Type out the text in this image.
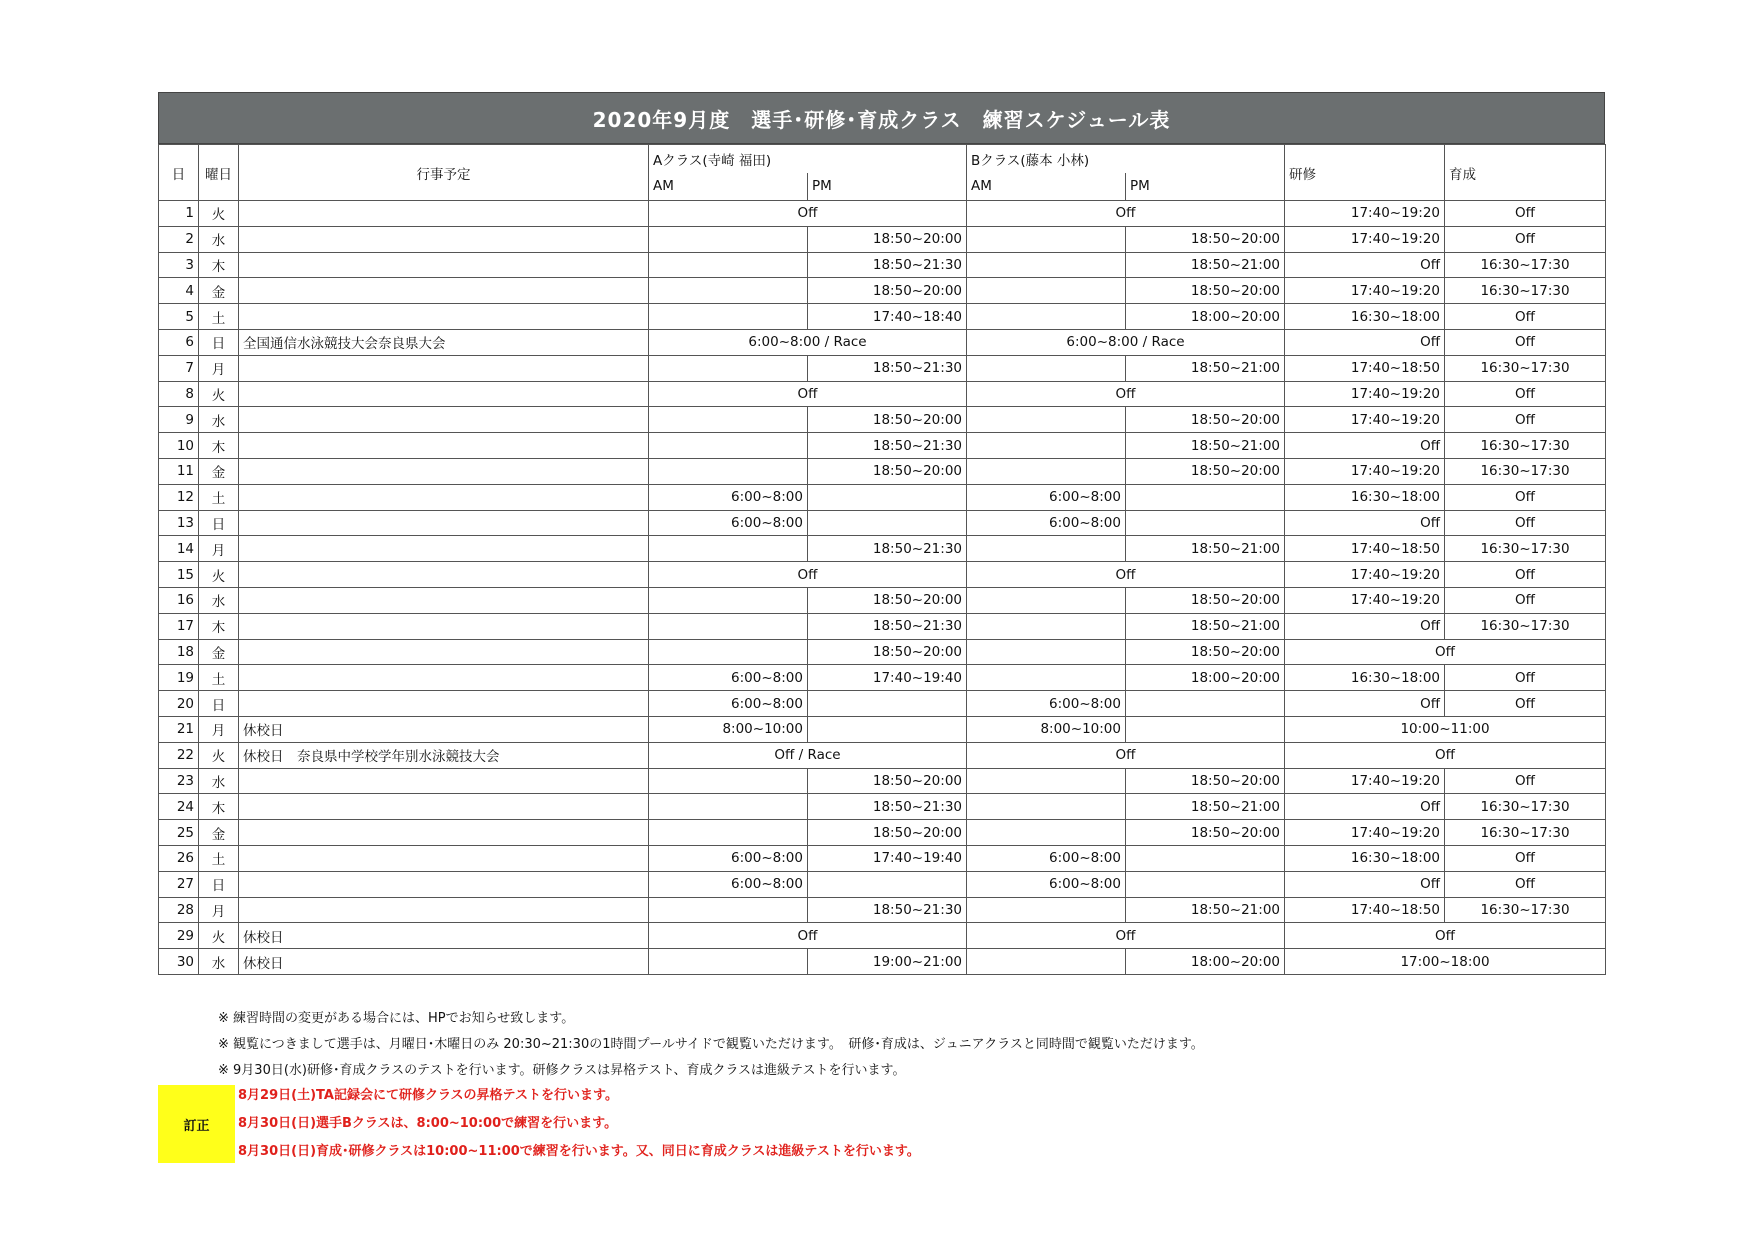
2020年9月度　選手･研修･育成クラス　練習スケジュール表
日	曜日	行事予定	Aクラス(寺崎 福田)		Bクラス(藤本 小林)		研修	育成
			AM	PM	AM	PM		
1	火		Off		Off		17:40~19:20	Off
2	水			18:50~20:00		18:50~20:00	17:40~19:20	Off
3	木			18:50~21:30		18:50~21:00	Off	16:30~17:30
4	金			18:50~20:00		18:50~20:00	17:40~19:20	16:30~17:30
5	土			17:40~18:40		18:00~20:00	16:30~18:00	Off
6	日	全国通信水泳競技大会奈良県大会	6:00~8:00 / Race		6:00~8:00 / Race		Off	Off
7	月			18:50~21:30		18:50~21:00	17:40~18:50	16:30~17:30
8	火		Off		Off		17:40~19:20	Off
9	水			18:50~20:00		18:50~20:00	17:40~19:20	Off
10	木			18:50~21:30		18:50~21:00	Off	16:30~17:30
11	金			18:50~20:00		18:50~20:00	17:40~19:20	16:30~17:30
12	土		6:00~8:00		6:00~8:00		16:30~18:00	Off
13	日		6:00~8:00		6:00~8:00		Off	Off
14	月			18:50~21:30		18:50~21:00	17:40~18:50	16:30~17:30
15	火		Off		Off		17:40~19:20	Off
16	水			18:50~20:00		18:50~20:00	17:40~19:20	Off
17	木			18:50~21:30		18:50~21:00	Off	16:30~17:30
18	金			18:50~20:00		18:50~20:00	Off	
19	土		6:00~8:00	17:40~19:40		18:00~20:00	16:30~18:00	Off
20	日		6:00~8:00		6:00~8:00		Off	Off
21	月	休校日	8:00~10:00		8:00~10:00		10:00~11:00	
22	火	休校日　奈良県中学校学年別水泳競技大会	Off / Race		Off		Off	
23	水			18:50~20:00		18:50~20:00	17:40~19:20	Off
24	木			18:50~21:30		18:50~21:00	Off	16:30~17:30
25	金			18:50~20:00		18:50~20:00	17:40~19:20	16:30~17:30
26	土		6:00~8:00	17:40~19:40	6:00~8:00		16:30~18:00	Off
27	日		6:00~8:00		6:00~8:00		Off	Off
28	月			18:50~21:30		18:50~21:00	17:40~18:50	16:30~17:30
29	火	休校日	Off		Off		Off	
30	水	休校日		19:00~21:00		18:00~20:00	17:00~18:00	
※ 練習時間の変更がある場合には、HPでお知らせ致します。
※ 観覧につきまして選手は、月曜日･木曜日のみ 20:30~21:30の1時間プールサイドで観覧いただけます。　研修･育成は、ジュニアクラスと同時間で観覧いただけます。
※ 9月30日(水)研修･育成クラスのテストを行います。研修クラスは昇格テスト、育成クラスは進級テストを行います。
訂正
8月29日(土)TA記録会にて研修クラスの昇格テストを行います。
8月30日(日)選手Bクラスは、8:00~10:00で練習を行います。
8月30日(日)育成･研修クラスは10:00~11:00で練習を行います。又、同日に育成クラスは進級テストを行います。
